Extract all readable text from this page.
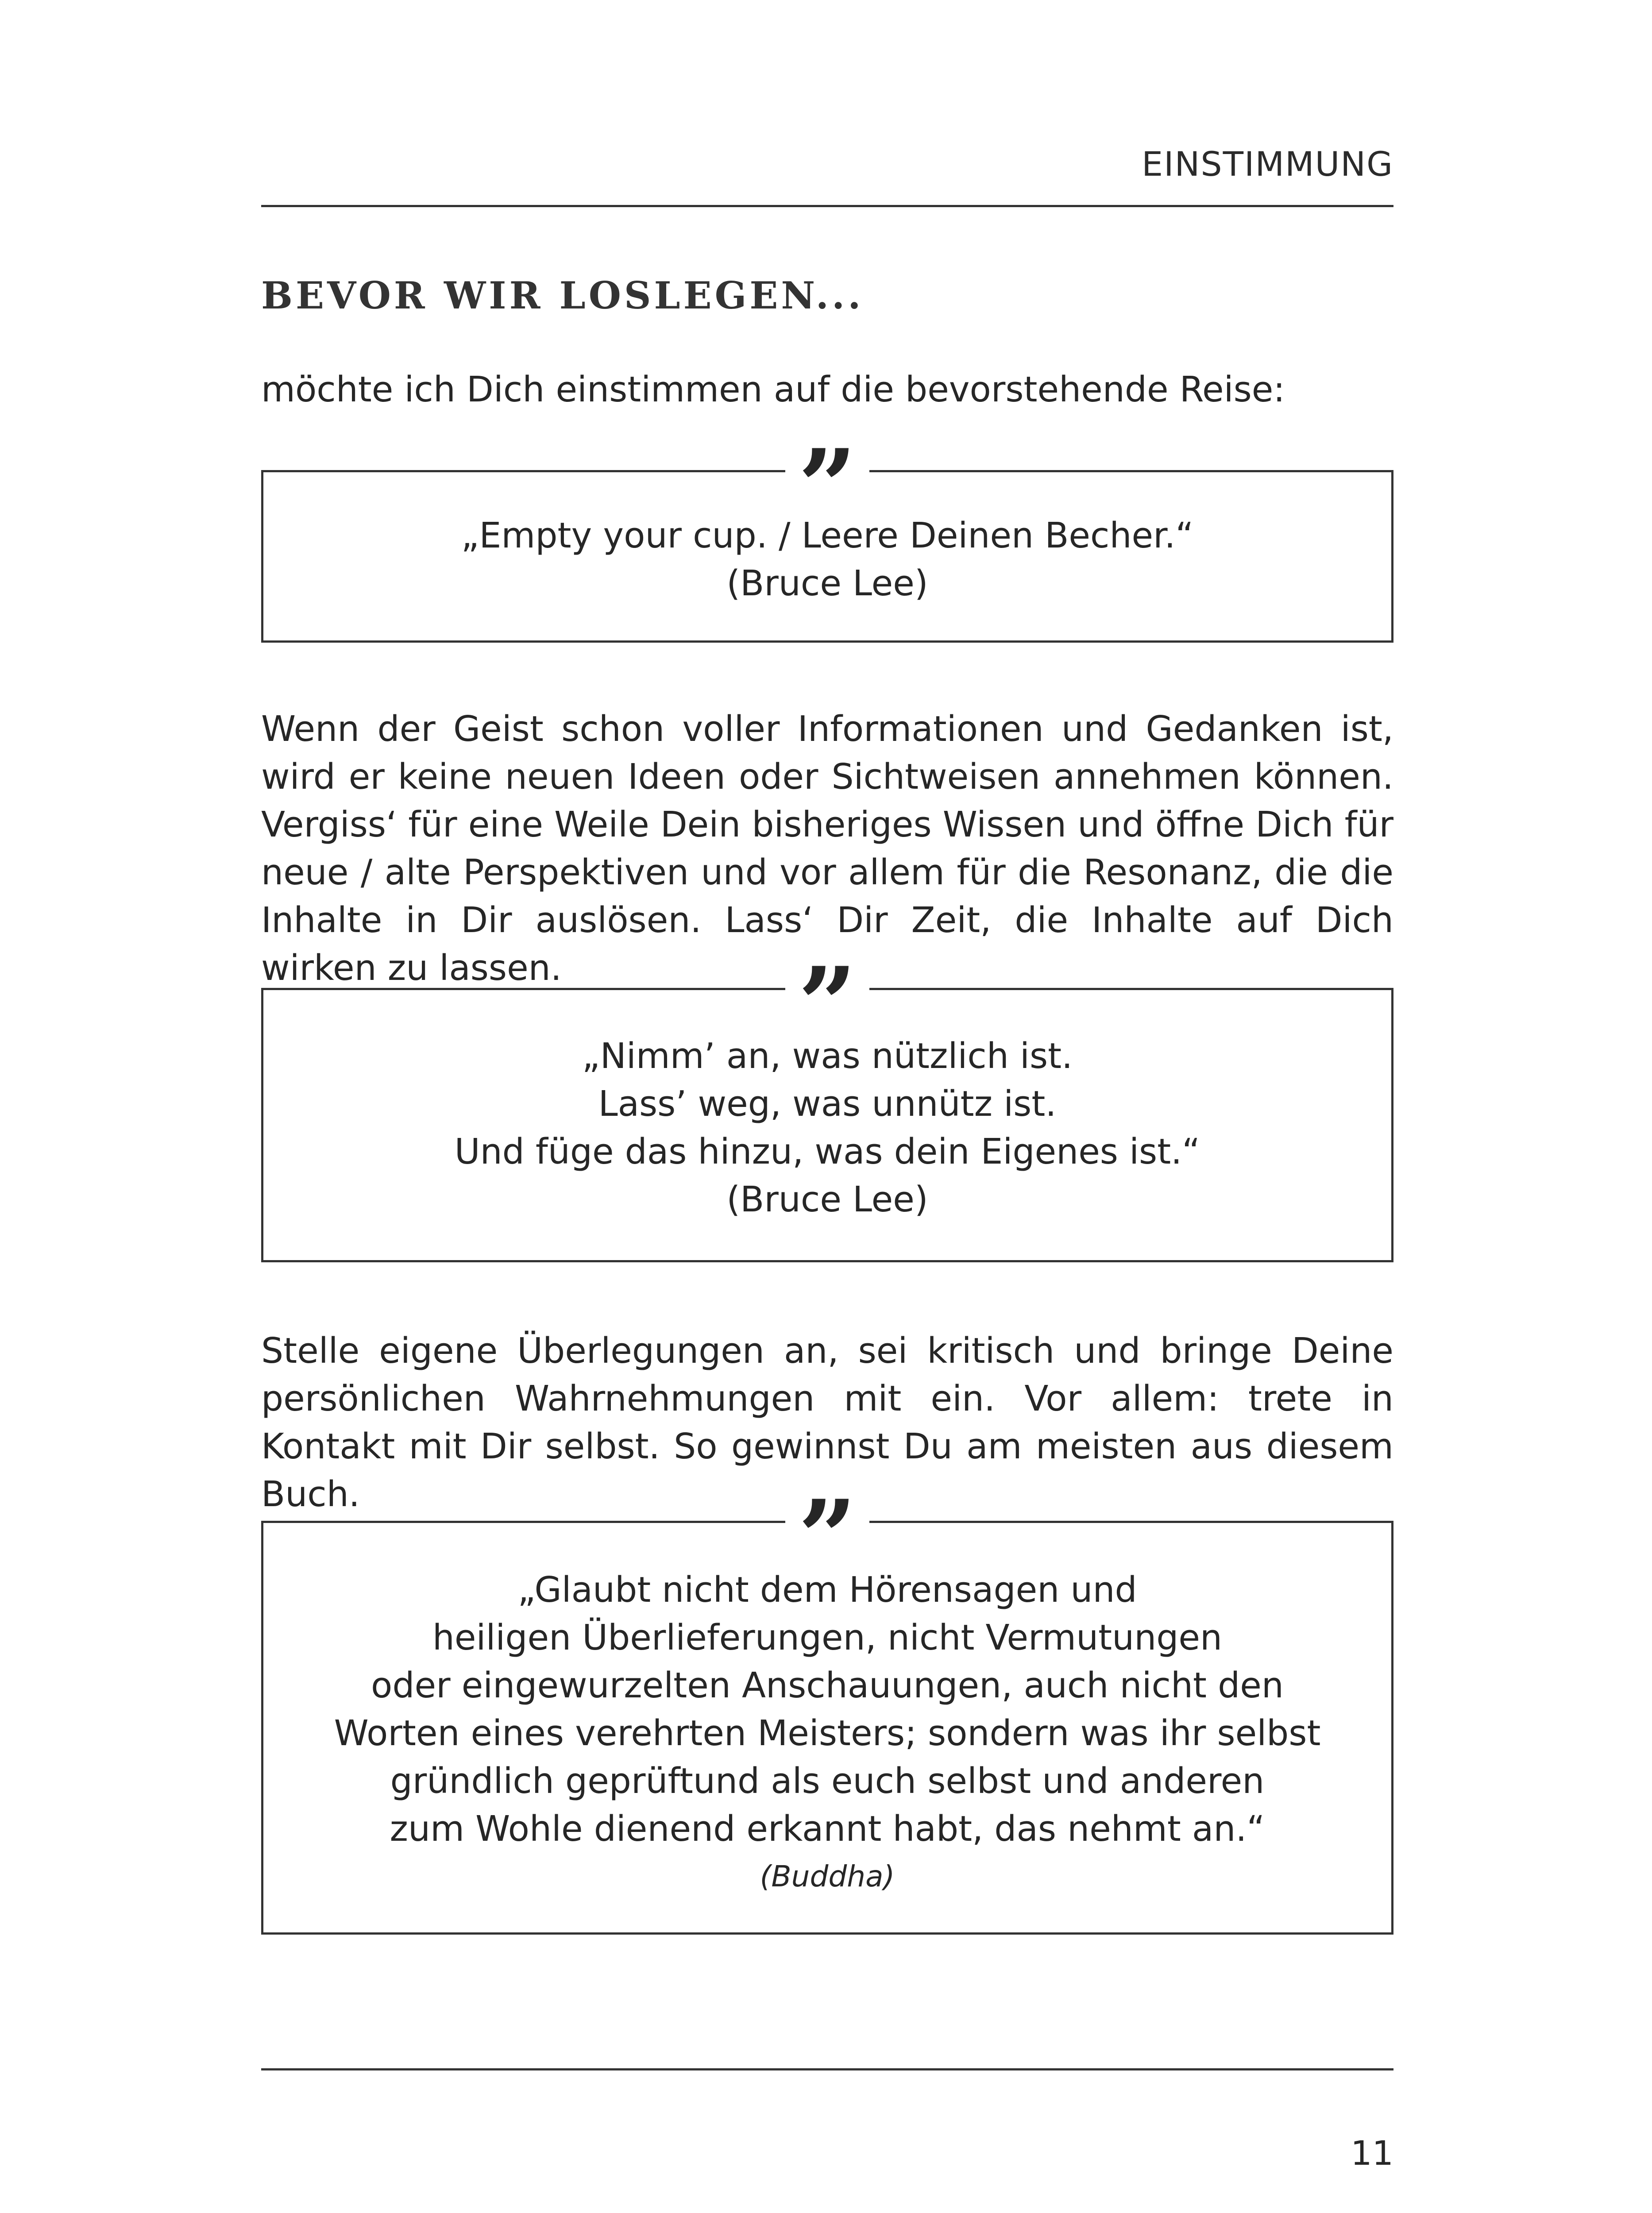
EINSTIMMUNG
BEVOR WIR LOSLEGEN...
möchte ich Dich einstimmen auf die bevorstehende Reise:
”
„Empty your cup. / Leere Deinen Becher.“
(Bruce Lee)
Wenn der Geist schon voller Informationen und Gedanken ist, wird er keine neuen Ideen oder Sichtweisen annehmen können. Vergiss‘ für eine Weile Dein bisheriges Wissen und öffne Dich für neue / alte Perspektiven und vor allem für die Resonanz, die die Inhalte in Dir auslösen. Lass‘ Dir Zeit, die Inhalte auf Dich wirken zu lassen.	”
„Nimm’ an, was nützlich ist.
Lass’ weg, was unnütz ist.
Und füge das hinzu, was dein Eigenes ist.“
(Bruce Lee)
Stelle eigene Überlegungen an, sei kritisch und bringe Deine persönlichen Wahrnehmungen mit ein. Vor allem: trete in Kontakt mit Dir selbst. So gewinnst Du am meisten aus diesem Buch.	”
„Glaubt nicht dem Hörensagen und
heiligen Überlieferungen, nicht Vermutungen
oder eingewurzelten Anschauungen, auch nicht den
Worten eines verehrten Meisters; sondern was ihr selbst
gründlich geprüftund als euch selbst und anderen
zum Wohle dienend erkannt habt, das nehmt an.“
(Buddha)
11
